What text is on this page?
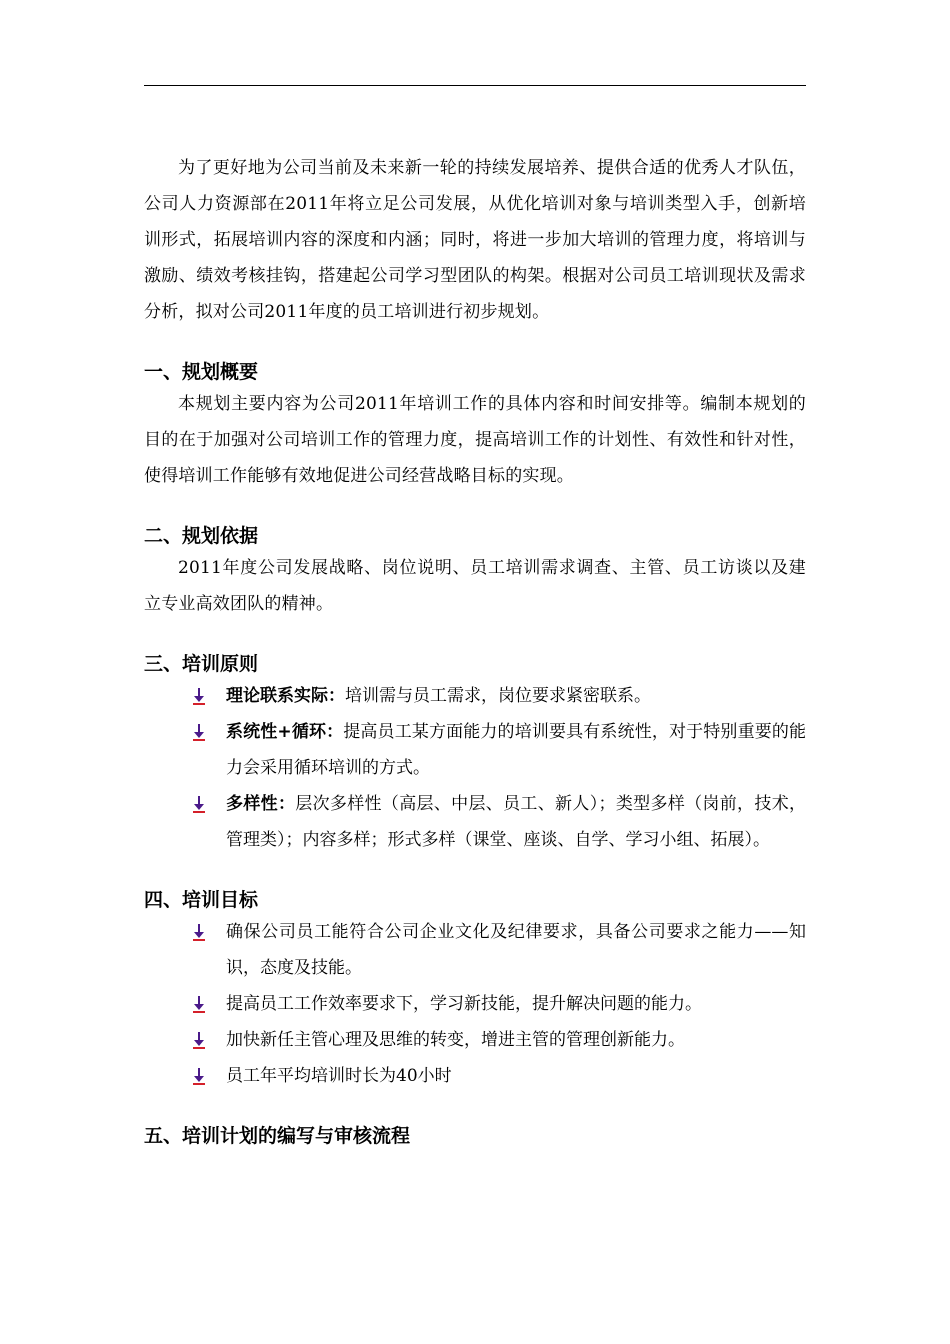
为了更好地为公司当前及未来新一轮的持续发展培养、提供合适的优秀人才队伍，公司人力资源部在2011年将立足公司发展，从优化培训对象与培训类型入手，创新培训形式，拓展培训内容的深度和内涵；同时，将进一步加大培训的管理力度，将培训与激励、绩效考核挂钩，搭建起公司学习型团队的构架。根据对公司员工培训现状及需求分析，拟对公司2011年度的员工培训进行初步规划。

一、规划概要

本规划主要内容为公司2011年培训工作的具体内容和时间安排等。编制本规划的目的在于加强对公司培训工作的管理力度，提高培训工作的计划性、有效性和针对性，使得培训工作能够有效地促进公司经营战略目标的实现。

二、规划依据

2011年度公司发展战略、岗位说明、员工培训需求调查、主管、员工访谈以及建立专业高效团队的精神。

三、培训原则
理论联系实际：培训需与员工需求，岗位要求紧密联系。
系统性+循环：提高员工某方面能力的培训要具有系统性，对于特别重要的能力会采用循环培训的方式。
多样性：层次多样性（高层、中层、员工、新人）；类型多样（岗前，技术，管理类）；内容多样；形式多样（课堂、座谈、自学、学习小组、拓展）。
四、培训目标
确保公司员工能符合公司企业文化及纪律要求，具备公司要求之能力——知识，态度及技能。
提高员工工作效率要求下，学习新技能，提升解决问题的能力。
加快新任主管心理及思维的转变，增进主管的管理创新能力。
员工年平均培训时长为40小时
五、培训计划的编写与审核流程
